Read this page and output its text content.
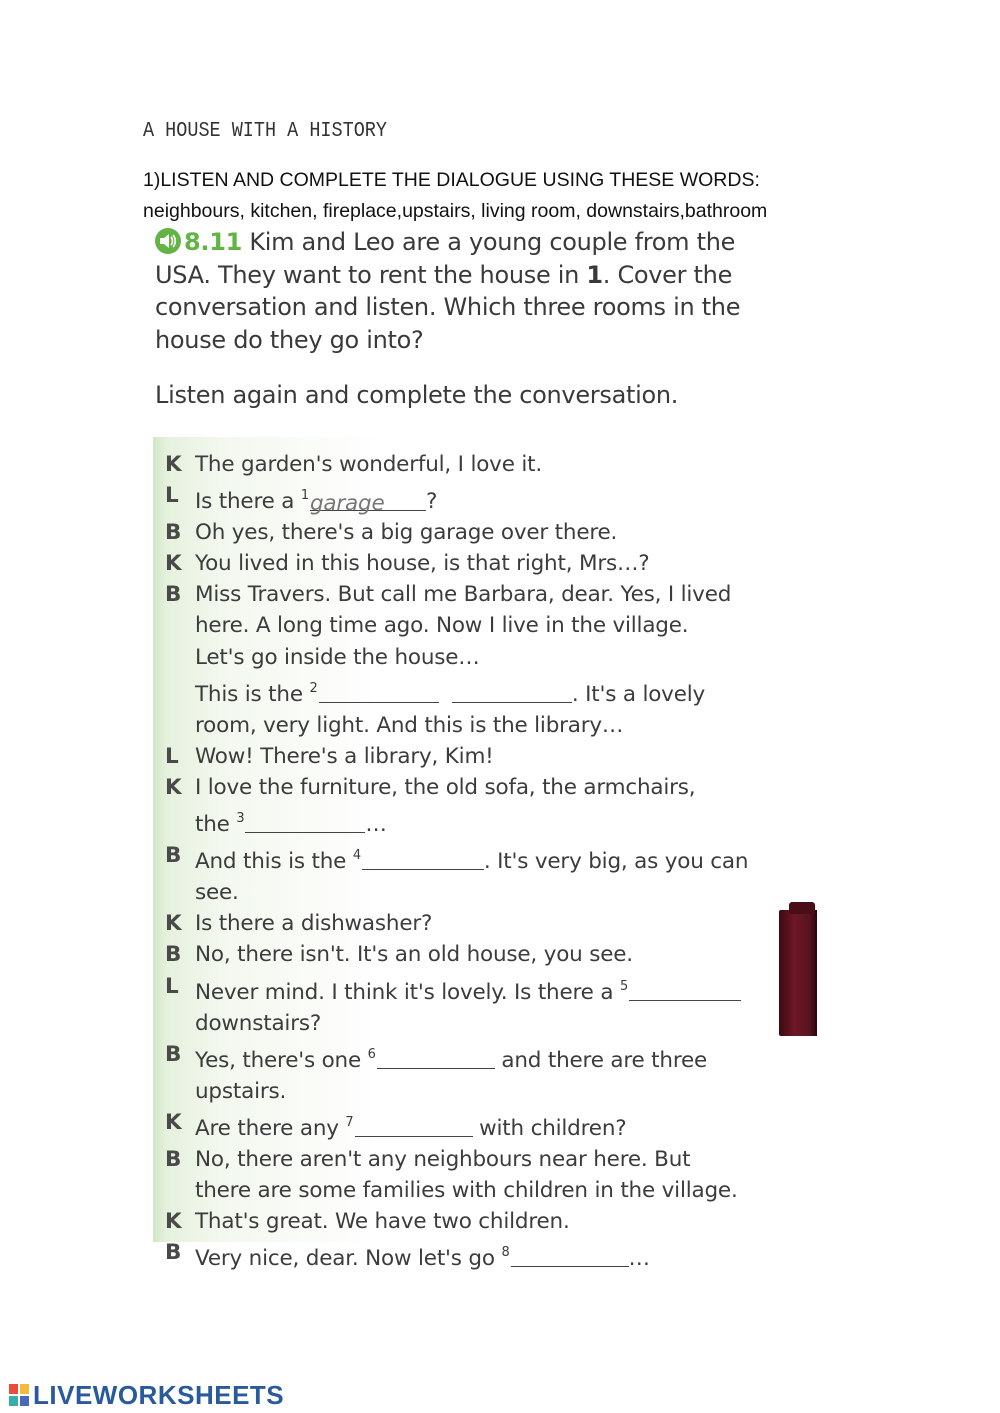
A HOUSE WITH A HISTORY
1)LISTEN AND COMPLETE THE DIALOGUE USING THESE WORDS:
neighbours, kitchen, fireplace,upstairs, living room, downstairs,bathroom
8.11 Kim and Leo are a young couple from the
USA. They want to rent the house in 1. Cover the
conversation and listen. Which three rooms in the
house do they go into?
Listen again and complete the conversation.
K The garden's wonderful, I love it.
L Is there a $^1$garage ?
B Oh yes, there's a big garage over there.
K You lived in this house, is that right, Mrs…?
B Miss Travers. But call me Barbara, dear. Yes, I lived
here. A long time ago. Now I live in the village.
Let's go inside the house…
This is the $^2$	. It's a lovely
room, very light. And this is the library…
L Wow! There's a library, Kim!
K I love the furniture, the old sofa, the armchairs,
the $^3$	…
B And this is the $^4$	. It's very big, as you can
see.
K Is there a dishwasher?
B No, there isn't. It's an old house, you see.
L Never mind. I think it's lovely. Is there a $^5$
downstairs?
B Yes, there's one $^6$	and there are three
upstairs.
K Are there any $^7$	with children?
B No, there aren't any neighbours near here. But
there are some families with children in the village.
K That's great. We have two children.
B Very nice, dear. Now let's go $^8$	…
LIVEWORKSHEETS
